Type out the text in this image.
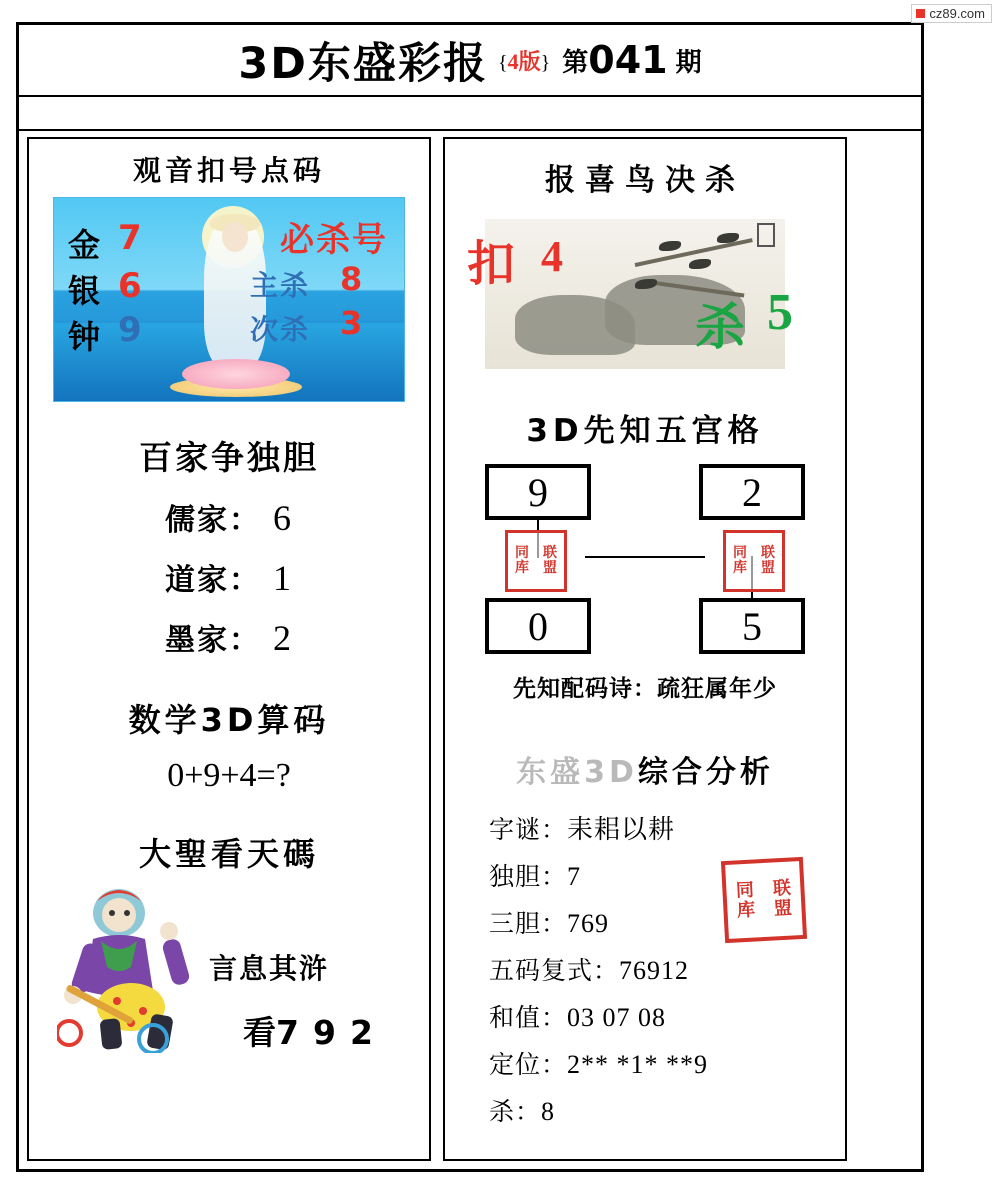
cz89.com
3D东盛彩报 {4版} 第 041 期
观音扣号点码
金 7
银 6
钟 9
必杀号
主杀 8
次杀 3
百家争独胆
儒家： 6
道家： 1
墨家： 2
数学3D算码
0+9+4=?
大聖看天碼
言息其浒
看7 9 2
报喜鸟决杀
扣 4
杀 5
3D先知五宫格
9	2
0	5
同	联
库	盟
同	联
库	盟
先知配码诗：疏狂属年少
东盛3D综合分析
字谜：耒耜以耕
独胆：7
三胆：769
五码复式：76912
和值：03 07 08
定位：2** *1* **9
杀：8
同 联
库 盟
